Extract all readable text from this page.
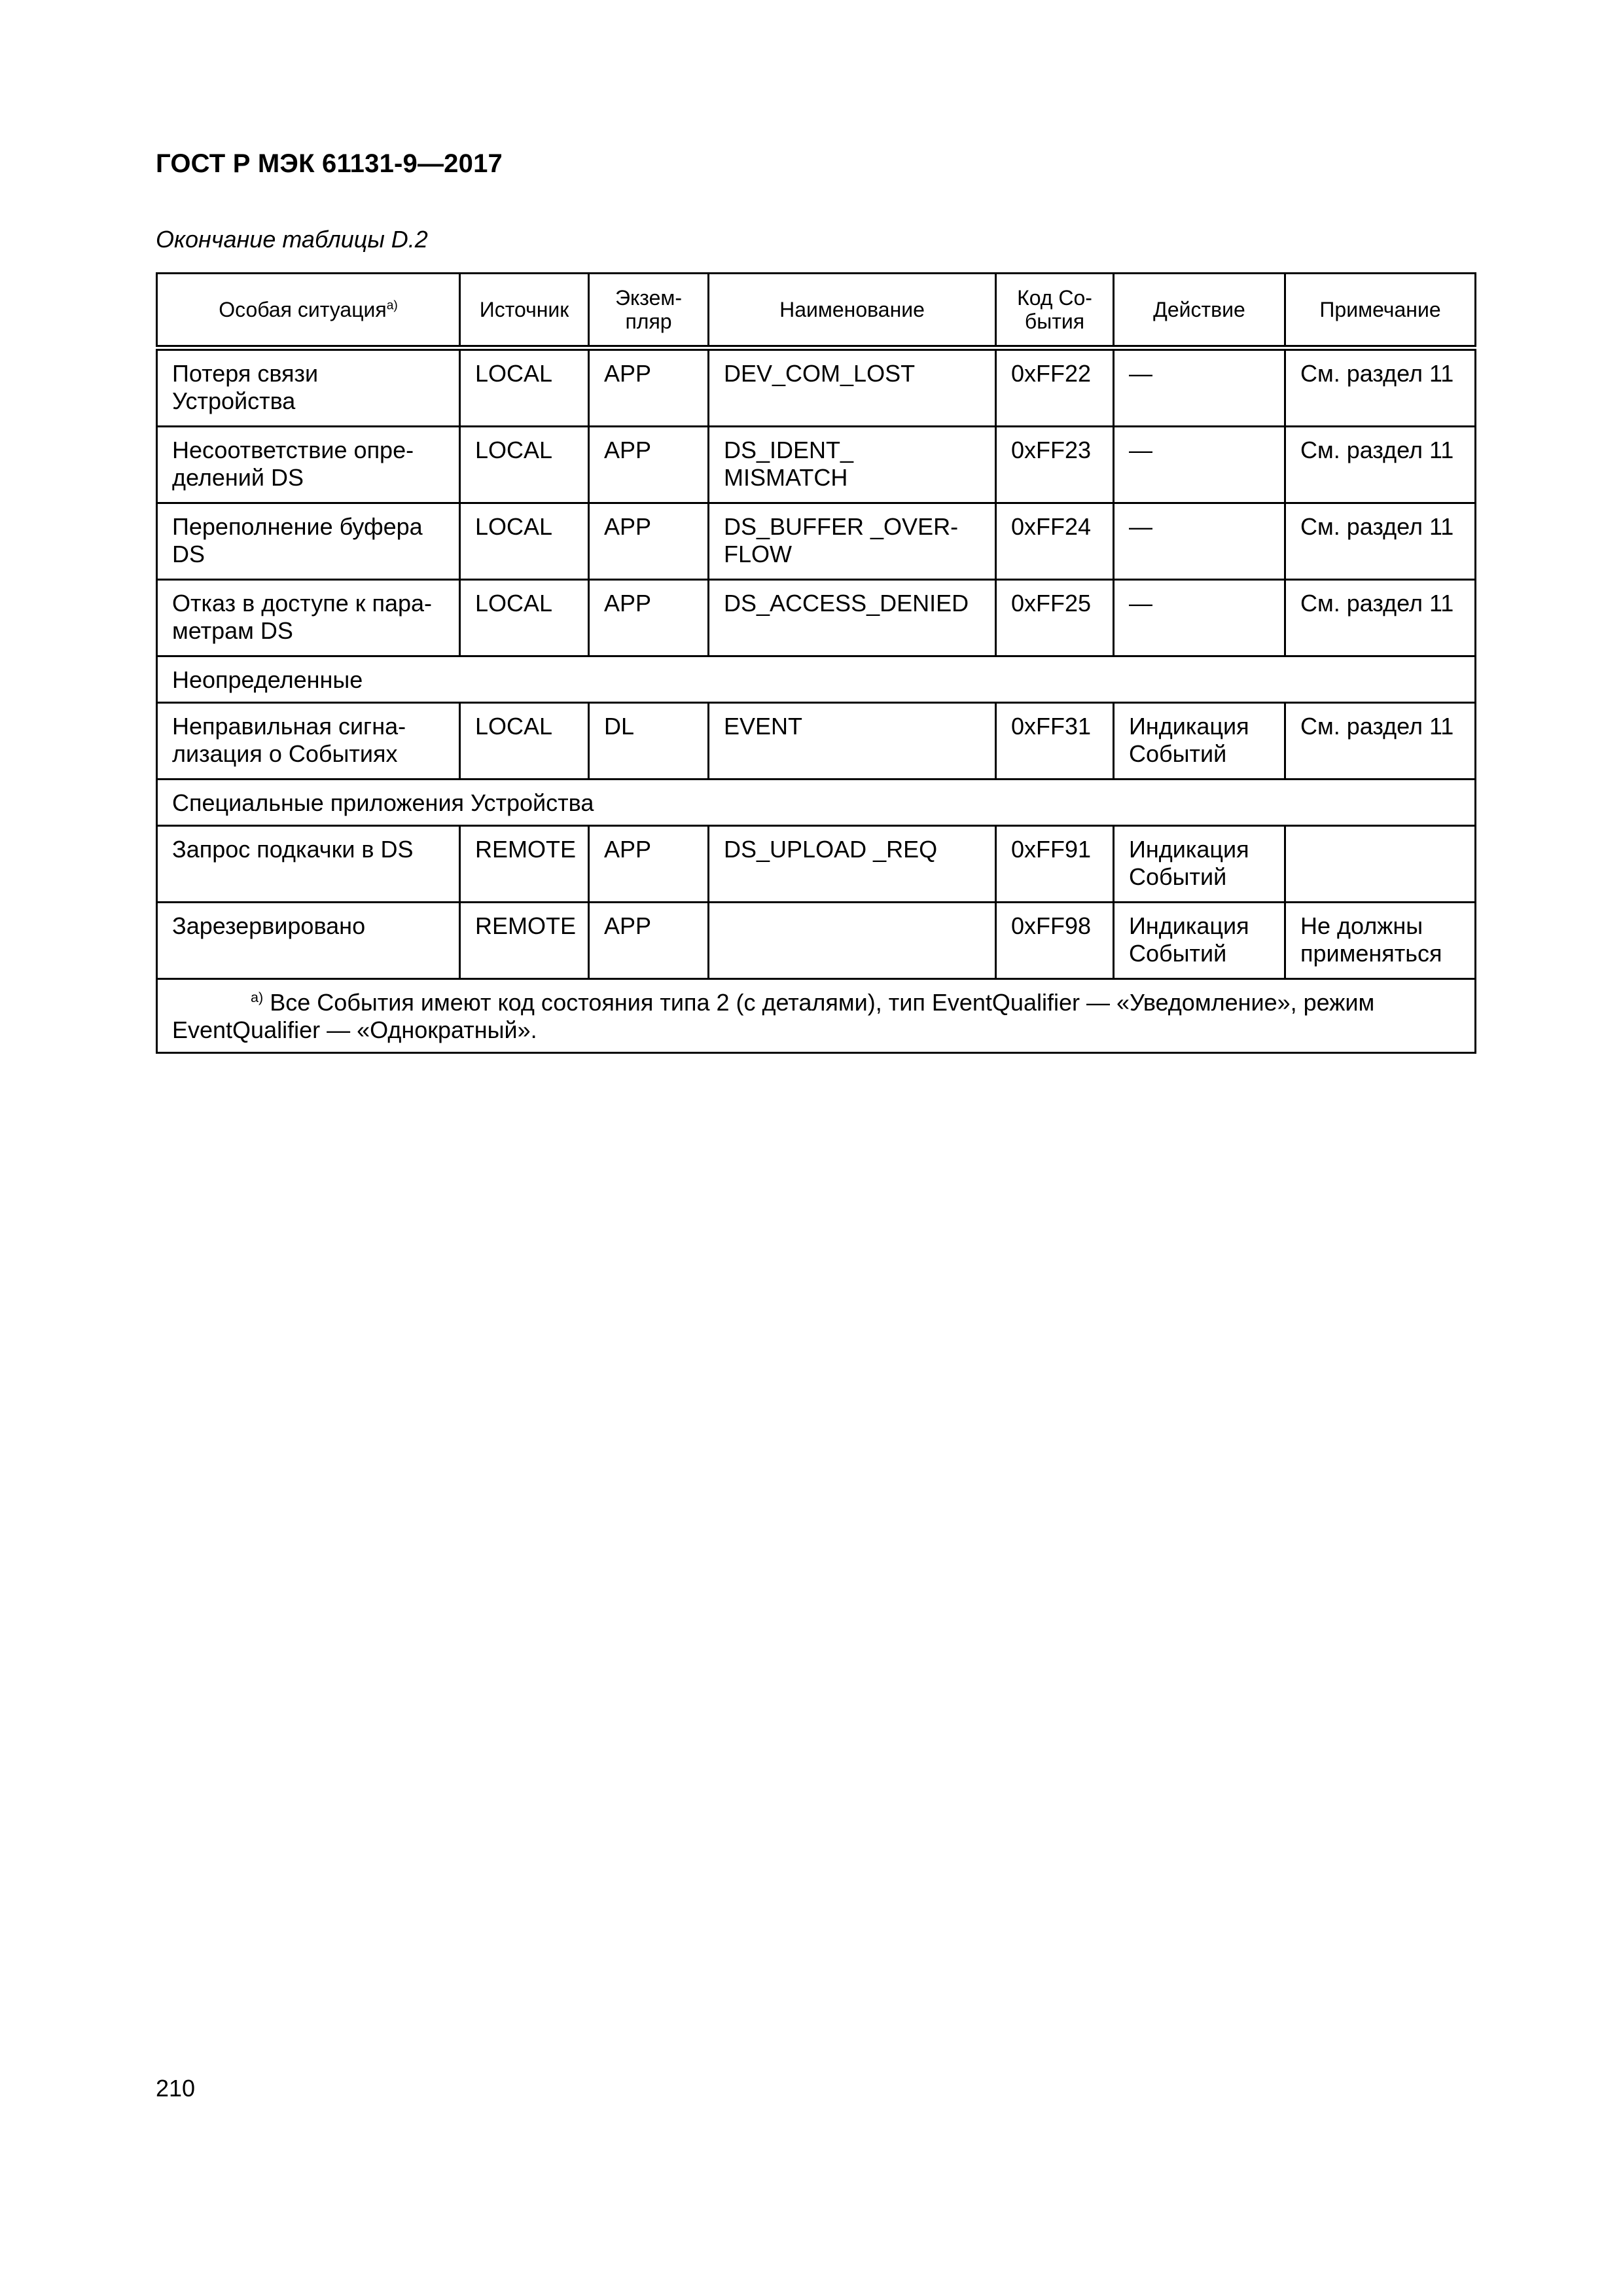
ГОСТ Р МЭК 61131-9—2017
Окончание таблицы D.2
Особая ситуация$^{a)}$	Источник	Экзем-пляр	Наименование	Код Со-бытия	Действие	Примечание
Потеря связи Устройства	LOCAL	APP	DEV_COM_LOST	0xFF22	—	См. раздел 11
Несоответствие опре-делений DS	LOCAL	APP	DS_IDENT_ MISMATCH	0xFF23	—	См. раздел 11
Переполнение буфера DS	LOCAL	APP	DS_BUFFER _OVER-FLOW	0xFF24	—	См. раздел 11
Отказ в доступе к пара-метрам DS	LOCAL	APP	DS_ACCESS_DENIED	0xFF25	—	См. раздел 11
Неопределенные						
Неправильная сигна-лизация о Событиях	LOCAL	DL	EVENT	0xFF31	Индикация Событий	См. раздел 11
Специальные приложения Устройства						
Запрос подкачки в DS	REMOTE	APP	DS_UPLOAD _REQ	0xFF91	Индикация Событий	
Зарезервировано	REMOTE	APP		0xFF98	Индикация Событий	Не должны применяться

$^{a)}$ Все События имеют код состояния типа 2 (с деталями), тип EventQualifier — «Уведомление», режим EventQualifier — «Однократный».						
210
